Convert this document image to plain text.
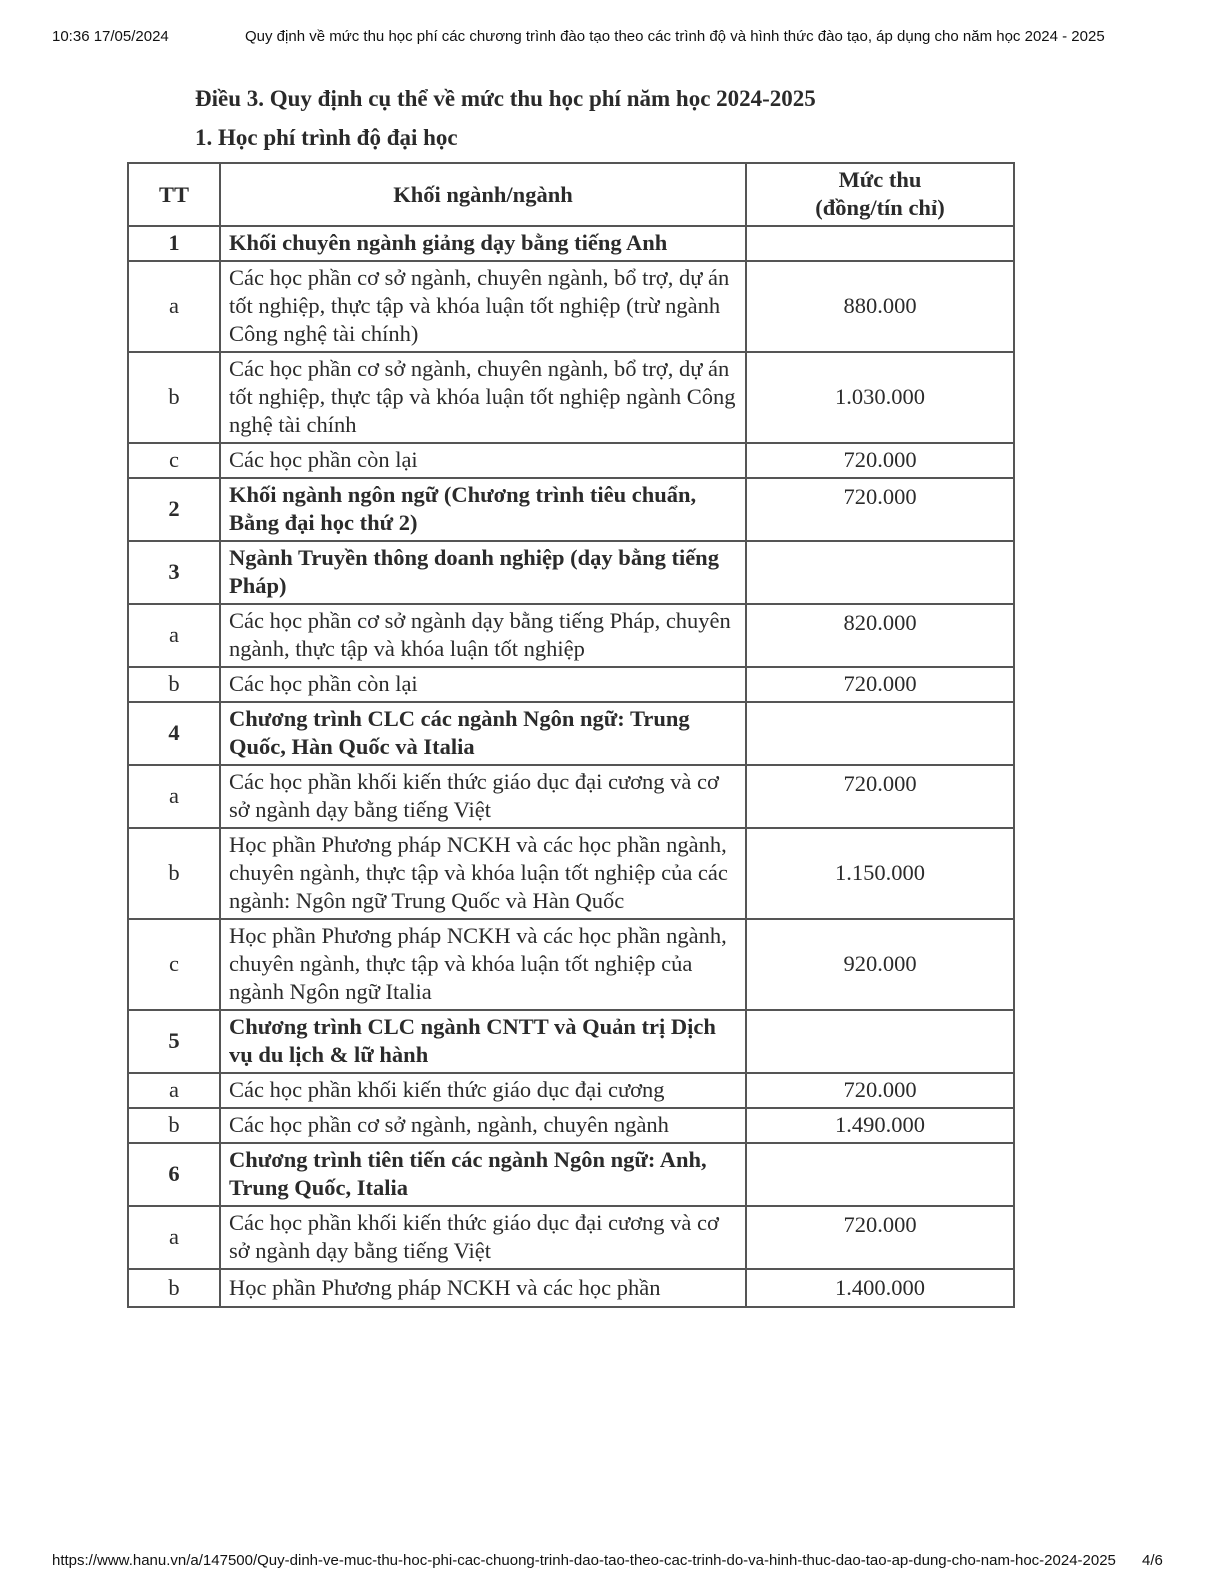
10:36 17/05/2024	Quy định về mức thu học phí các chương trình đào tạo theo các trình độ và hình thức đào tạo, áp dụng cho năm học 2024 - 2025
Điều 3. Quy định cụ thể về mức thu học phí năm học 2024-2025
1. Học phí trình độ đại học
TT	Khối ngành/ngành	Mức thu
(đồng/tín chỉ)

1	Khối chuyên ngành giảng dạy bằng tiếng Anh	
a	Các học phần cơ sở ngành, chuyên ngành, bổ trợ, dự án tốt nghiệp, thực tập và khóa luận tốt nghiệp (trừ ngành Công nghệ tài chính)	880.000
b	Các học phần cơ sở ngành, chuyên ngành, bổ trợ, dự án tốt nghiệp, thực tập và khóa luận tốt nghiệp ngành Công nghệ tài chính	1.030.000
c	Các học phần còn lại	720.000
2	Khối ngành ngôn ngữ (Chương trình tiêu chuẩn, Bằng đại học thứ 2)	720.000
3	Ngành Truyền thông doanh nghiệp (dạy bằng tiếng Pháp)	
a	Các học phần cơ sở ngành dạy bằng tiếng Pháp, chuyên ngành, thực tập và khóa luận tốt nghiệp	820.000
b	Các học phần còn lại	720.000
4	Chương trình CLC các ngành Ngôn ngữ: Trung Quốc, Hàn Quốc và Italia	
a	Các học phần khối kiến thức giáo dục đại cương và cơ sở ngành dạy bằng tiếng Việt	720.000
b	Học phần Phương pháp NCKH và các học phần ngành, chuyên ngành, thực tập và khóa luận tốt nghiệp của các ngành: Ngôn ngữ Trung Quốc và Hàn Quốc	1.150.000
c	Học phần Phương pháp NCKH và các học phần ngành, chuyên ngành, thực tập và khóa luận tốt nghiệp của ngành Ngôn ngữ Italia	920.000
5	Chương trình CLC ngành CNTT và Quản trị Dịch vụ du lịch & lữ hành	
a	Các học phần khối kiến thức giáo dục đại cương	720.000
b	Các học phần cơ sở ngành, ngành, chuyên ngành	1.490.000
6	Chương trình tiên tiến các ngành Ngôn ngữ: Anh, Trung Quốc, Italia	
a	Các học phần khối kiến thức giáo dục đại cương và cơ sở ngành dạy bằng tiếng Việt	720.000
b	Học phần Phương pháp NCKH và các học phần	1.400.000
https://www.hanu.vn/a/147500/Quy-dinh-ve-muc-thu-hoc-phi-cac-chuong-trinh-dao-tao-theo-cac-trinh-do-va-hinh-thuc-dao-tao-ap-dung-cho-nam-hoc-2024-2025 4/6
